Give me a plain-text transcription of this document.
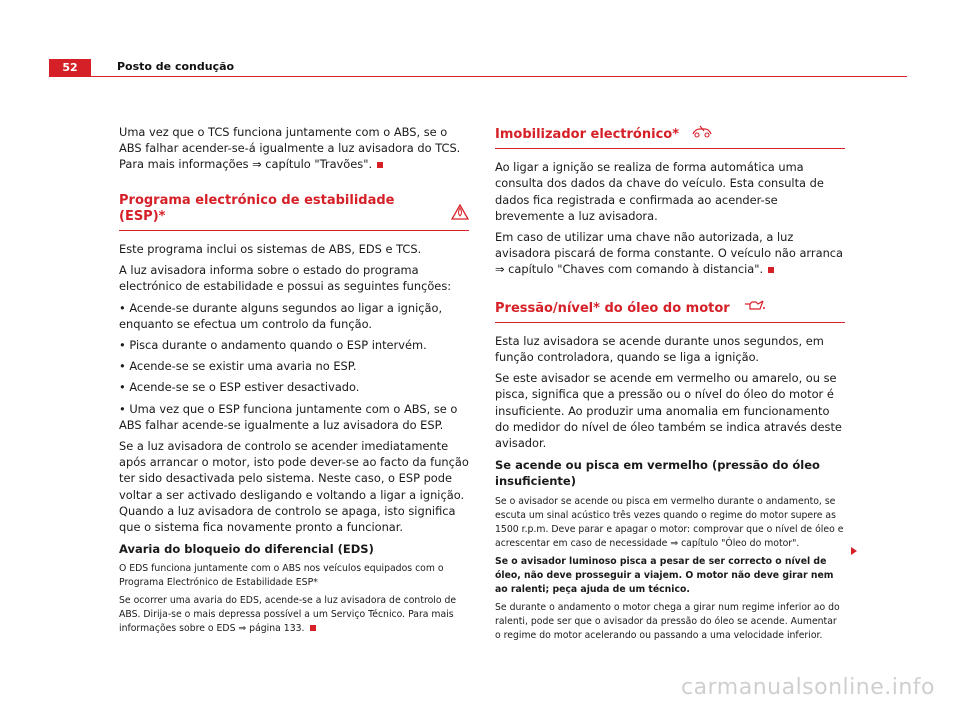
52	Posto de condução

Uma vez que o TCS funciona juntamente com o ABS, se o ABS falhar acender-se-á igualmente a luz avisadora do TCS. Para mais informações ⇒ capítulo "Travões".

Programa electrónico de estabilidade (ESP)*

Este programa inclui os sistemas de ABS, EDS e TCS.

A luz avisadora informa sobre o estado do programa electrónico de estabilidade e possui as seguintes funções:

• Acende-se durante alguns segundos ao ligar a ignição, enquanto se efectua um controlo da função.

• Pisca durante o andamento quando o ESP intervém.

• Acende-se se existir uma avaria no ESP.

• Acende-se se o ESP estiver desactivado.

• Uma vez que o ESP funciona juntamente com o ABS, se o ABS falhar acende-se igualmente a luz avisadora do ESP.

Se a luz avisadora de controlo se acender imediatamente após arrancar o motor, isto pode dever-se ao facto da função ter sido desactivada pelo sistema. Neste caso, o ESP pode voltar a ser activado desligando e voltando a ligar a ignição. Quando a luz avisadora de controlo se apaga, isto significa que o sistema fica novamente pronto a funcionar.

Avaria do bloqueio do diferencial (EDS)

O EDS funciona juntamente com o ABS nos veículos equipados com o Programa Electrónico de Estabilidade ESP*

Se ocorrer uma avaria do EDS, acende-se a luz avisadora de controlo de ABS. Dirija-se o mais depressa possível a um Serviço Técnico. Para mais informações sobre o EDS ⇒ página 133.

Imobilizador electrónico*

Ao ligar a ignição se realiza de forma automática uma consulta dos dados da chave do veículo. Esta consulta de dados fica registrada e confirmada ao acender-se brevemente a luz avisadora.

Em caso de utilizar uma chave não autorizada, a luz avisadora piscará de forma constante. O veículo não arranca ⇒ capítulo "Chaves com comando à distancia".

Pressão/nível* do óleo do motor

Esta luz avisadora se acende durante unos segundos, em função controladora, quando se liga a ignição.

Se este avisador se acende em vermelho ou amarelo, ou se pisca, significa que a pressão ou o nível do óleo do motor é insuficiente. Ao produzir uma anomalia em funcionamento do medidor do nível de óleo também se indica através deste avisador.

Se acende ou pisca em vermelho (pressão do óleo insuficiente)

Se o avisador se acende ou pisca em vermelho durante o andamento, se escuta um sinal acústico três vezes quando o regime do motor supere as 1500 r.p.m. Deve parar e apagar o motor: comprovar que o nível de óleo e acrescentar em caso de necessidade ⇒ capítulo "Óleo do motor".

Se o avisador luminoso pisca a pesar de ser correcto o nível de óleo, não deve prosseguir a viajem. O motor não deve girar nem ao ralenti; peça ajuda de um técnico.

Se durante o andamento o motor chega a girar num regime inferior ao do ralenti, pode ser que o avisador da pressão do óleo se acende. Aumentar o regime do motor acelerando ou passando a uma velocidade inferior.

carmanualsonline.info
